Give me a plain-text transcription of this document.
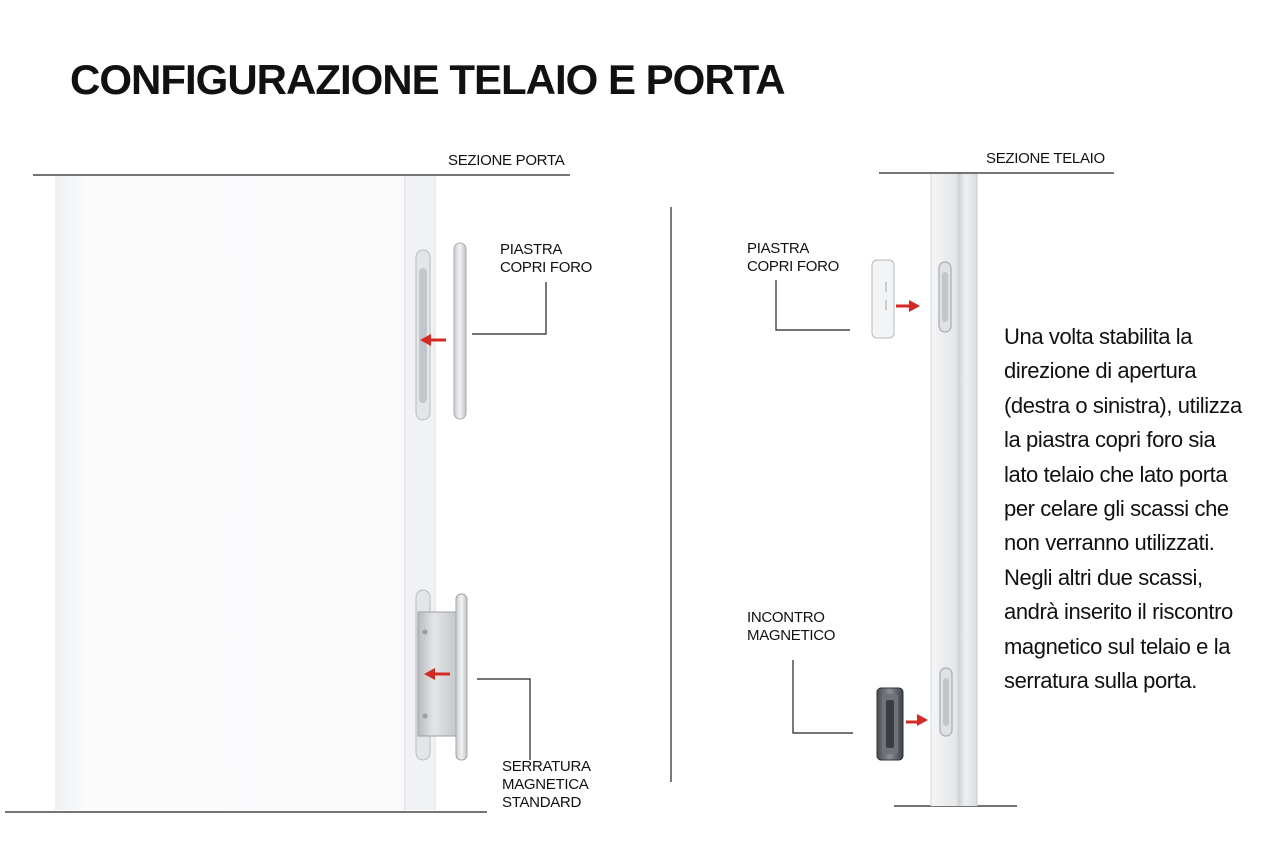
CONFIGURAZIONE TELAIO E PORTA
SEZIONE PORTA
PIASTRA
COPRI FORO
SERRATURA
MAGNETICA
STANDARD
SEZIONE TELAIO
PIASTRA
COPRI FORO
INCONTRO
MAGNETICO
Una volta stabilita la
direzione di apertura
(destra o sinistra), utilizza
la piastra copri foro sia
lato telaio che lato porta
per celare gli scassi che
non verranno utilizzati.
Negli altri due scassi,
andrà inserito il riscontro
magnetico sul telaio e la
serratura sulla porta.
